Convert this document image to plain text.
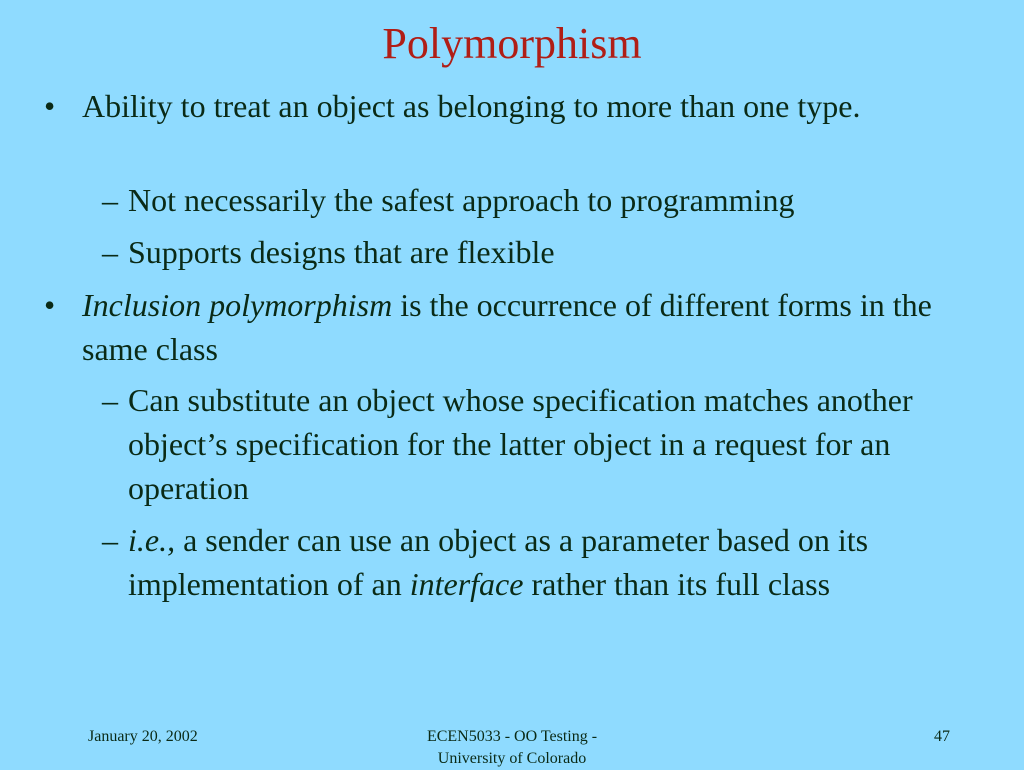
Polymorphism
• Ability to treat an object as belonging to more than one type.
– Not necessarily the safest approach to programming
– Supports designs that are flexible
• Inclusion polymorphism is the occurrence of different forms in the same class
– Can substitute an object whose specification matches another object’s specification for the latter object in a request for an operation
– i.e., a sender can use an object as a parameter based on its implementation of an interface rather than its full class
January 20, 2002	ECEN5033 - OO Testing -
University of Colorado
47
